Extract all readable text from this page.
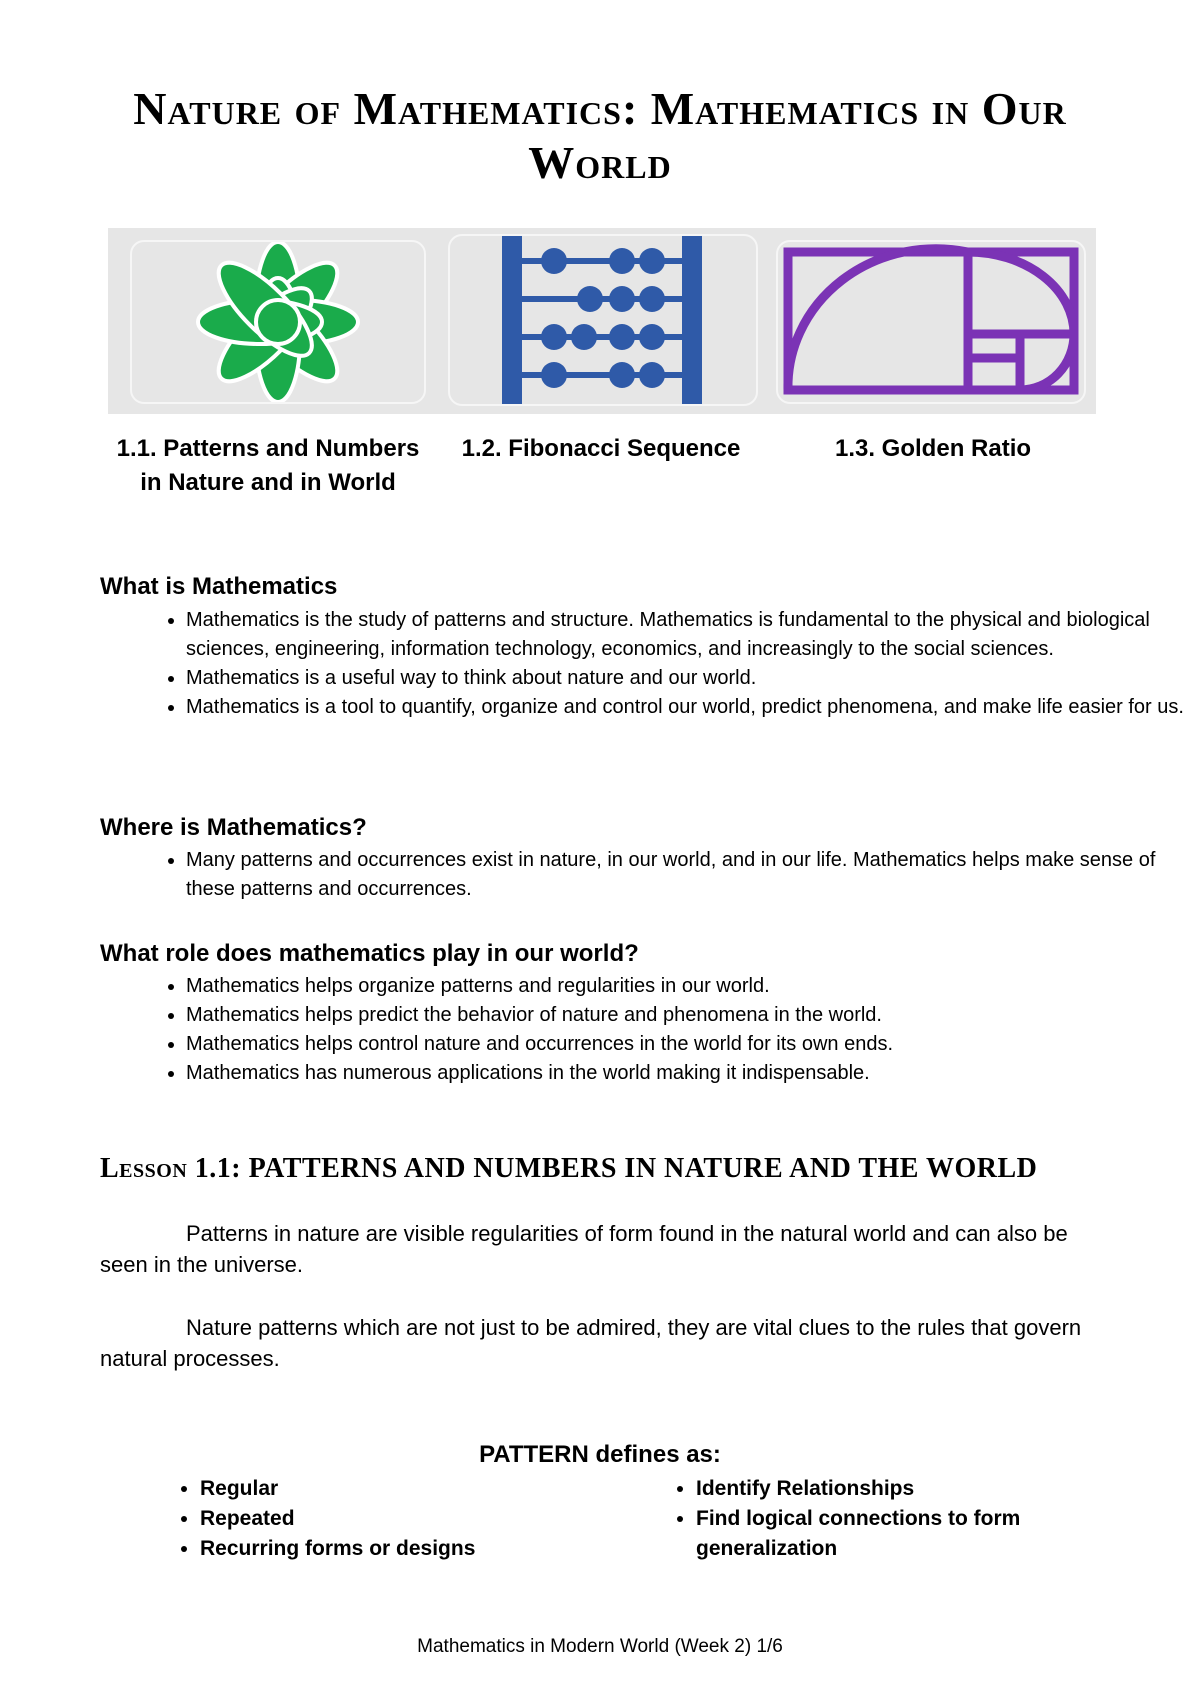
Nature of Mathematics: Mathematics in Our World

1.1. Patterns and Numbers in Nature and in World

1.2. Fibonacci Sequence	1.3. Golden Ratio

What is Mathematics
• Mathematics is the study of patterns and structure. Mathematics is fundamental to the physical and biological sciences, engineering, information technology, economics, and increasingly to the social sciences.
• Mathematics is a useful way to think about nature and our world.
• Mathematics is a tool to quantify, organize and control our world, predict phenomena, and make life easier for us.
Where is Mathematics?
• Many patterns and occurrences exist in nature, in our world, and in our life. Mathematics helps make sense of these patterns and occurrences.
What role does mathematics play in our world?
• Mathematics helps organize patterns and regularities in our world.
• Mathematics helps predict the behavior of nature and phenomena in the world.
• Mathematics helps control nature and occurrences in the world for its own ends.
• Mathematics has numerous applications in the world making it indispensable.
Lesson 1.1: PATTERNS AND NUMBERS IN NATURE AND THE WORLD

Patterns in nature are visible regularities of form found in the natural world and can also be seen in the universe.

Nature patterns which are not just to be admired, they are vital clues to the rules that govern natural processes.

PATTERN defines as:

• Regular
• Repeated
• Recurring forms or designs
• Identify Relationships
• Find logical connections to form generalization

Mathematics in Modern World (Week 2) 1/6
